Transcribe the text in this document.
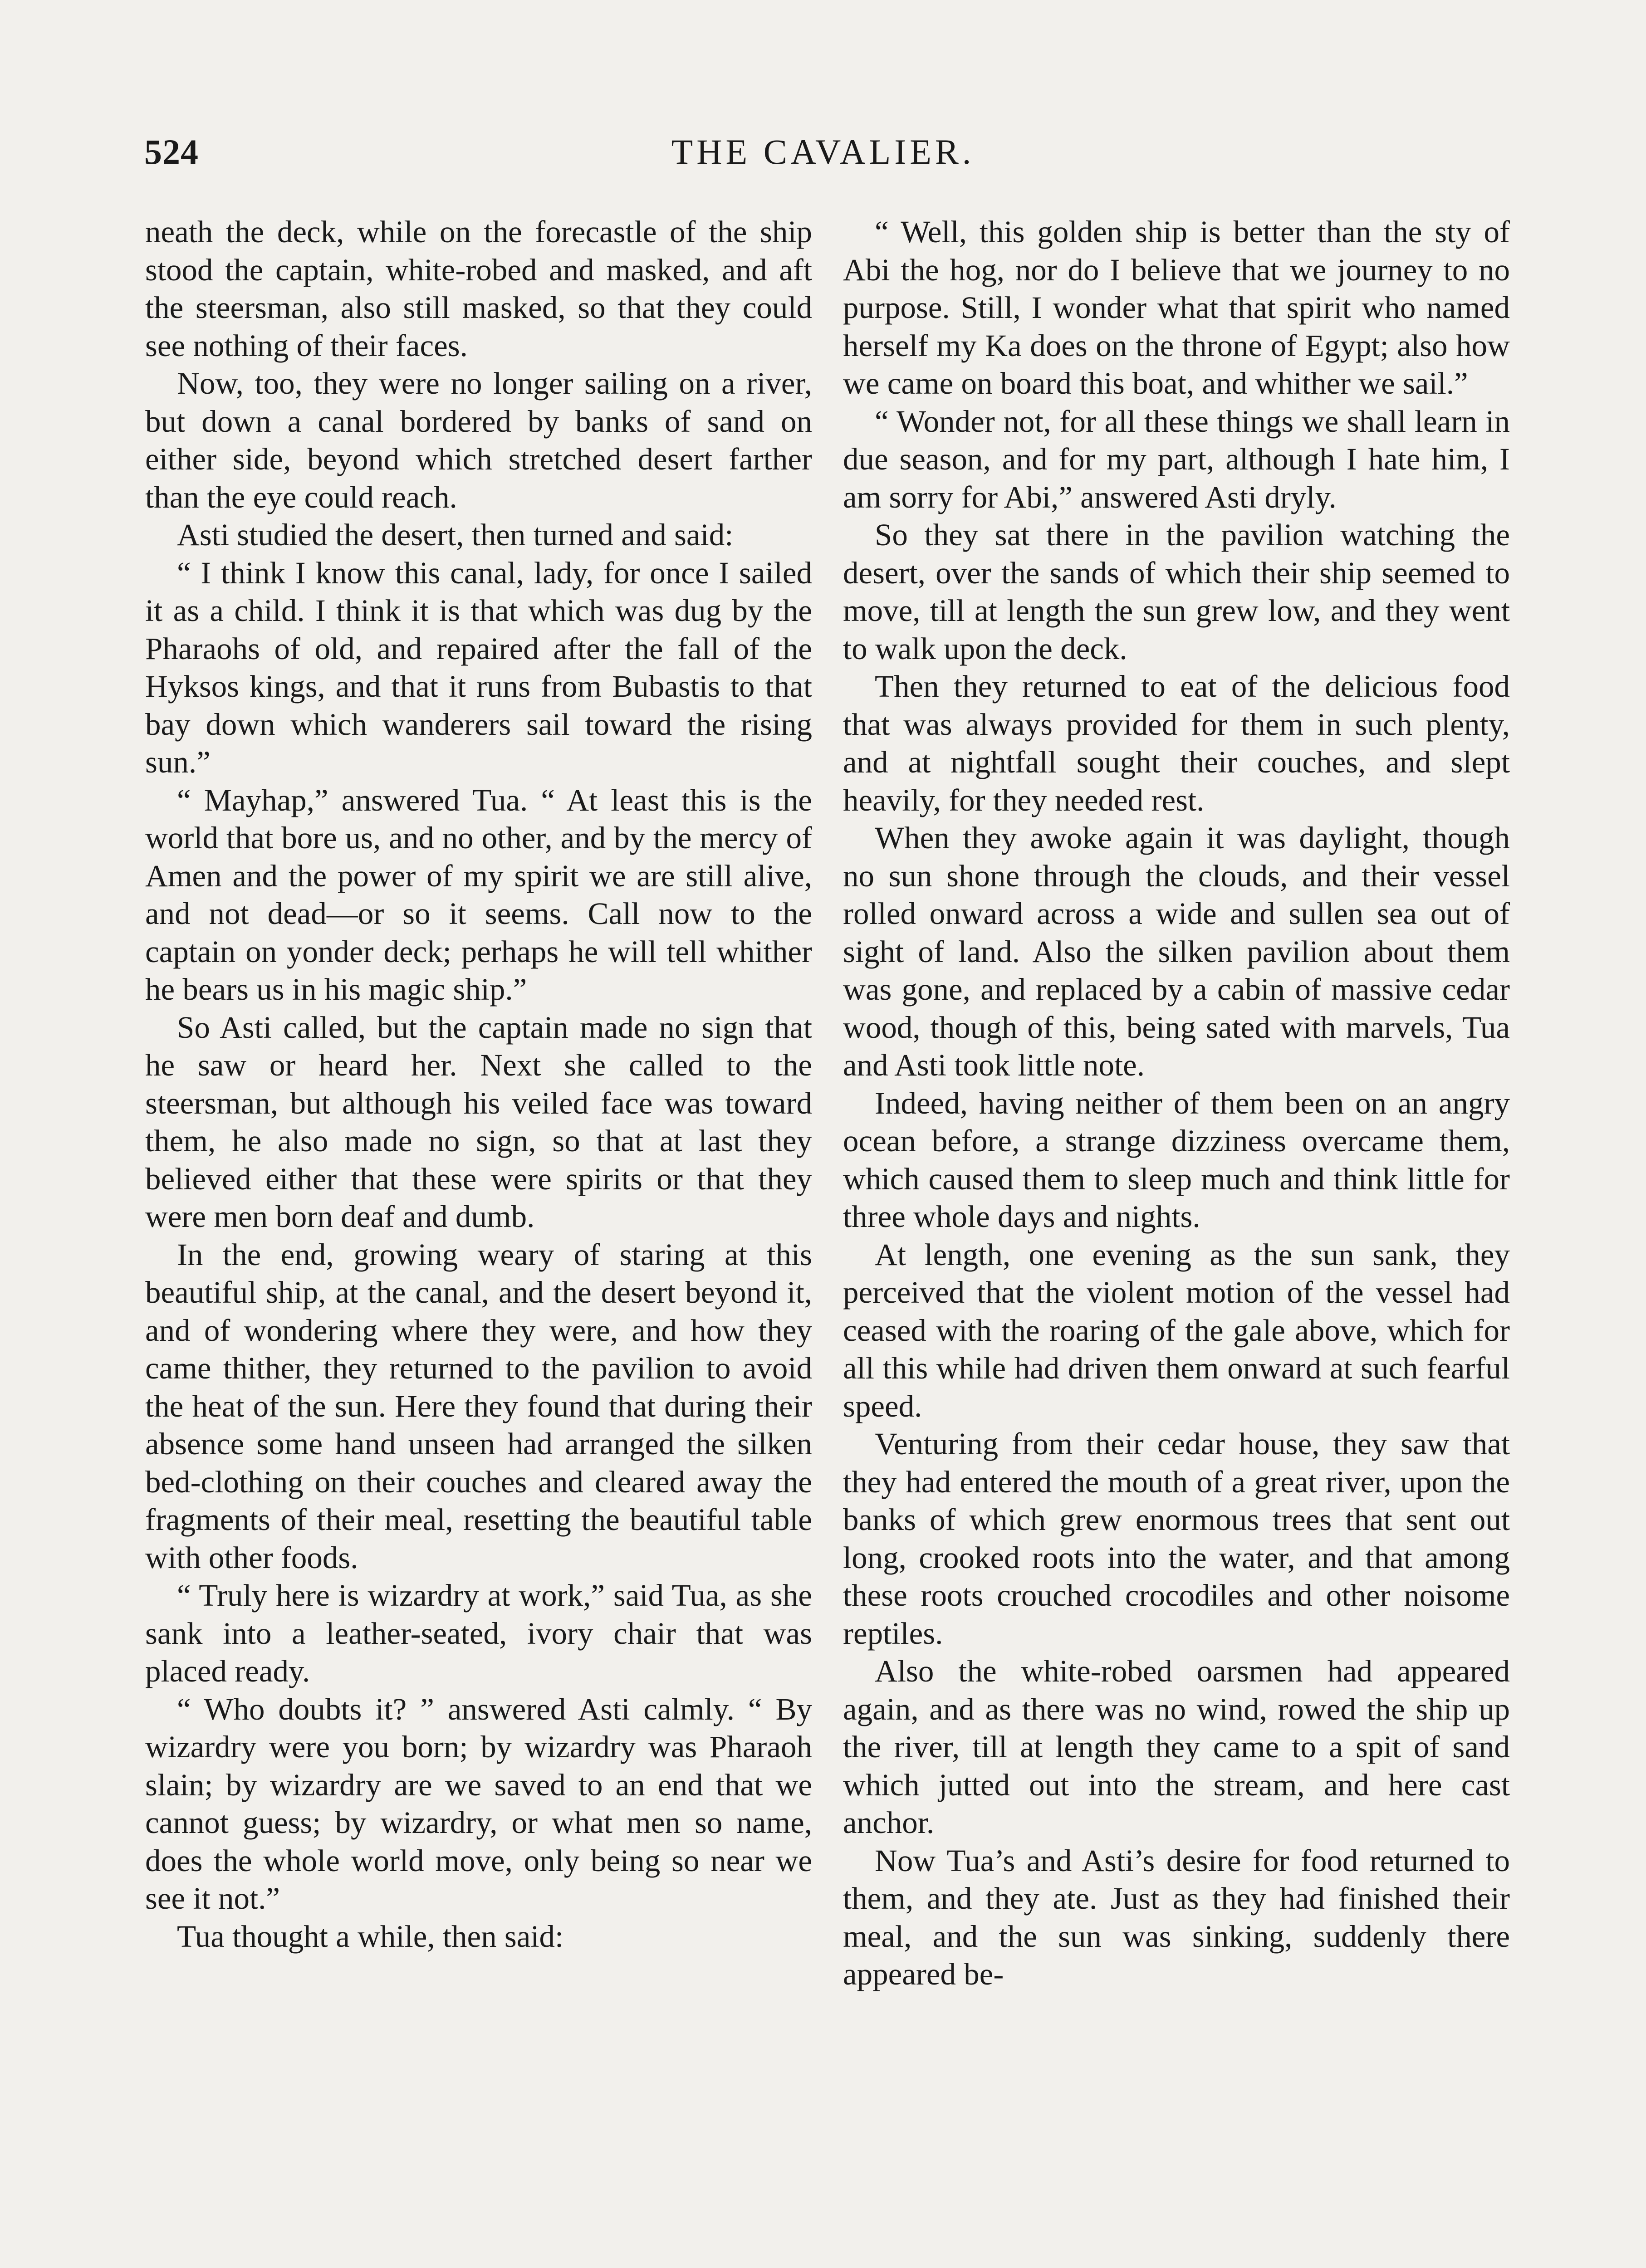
524	THE CAVALIER.

neath the deck, while on the forecastle of the ship stood the captain, white-robed and masked, and aft the steersman, also still masked, so that they could see nothing of their faces.

Now, too, they were no longer sailing on a river, but down a canal bordered by banks of sand on either side, beyond which stretched desert farther than the eye could reach.

Asti studied the desert, then turned and said:

“ I think I know this canal, lady, for once I sailed it as a child. I think it is that which was dug by the Pharaohs of old, and repaired after the fall of the Hyksos kings, and that it runs from Bubastis to that bay down which wanderers sail toward the rising sun.”

“ Mayhap,” answered Tua. “ At least this is the world that bore us, and no other, and by the mercy of Amen and the power of my spirit we are still alive, and not dead—or so it seems. Call now to the captain on yonder deck; perhaps he will tell whither he bears us in his magic ship.”

So Asti called, but the captain made no sign that he saw or heard her. Next she called to the steersman, but although his veiled face was toward them, he also made no sign, so that at last they believed either that these were spirits or that they were men born deaf and dumb.

In the end, growing weary of staring at this beautiful ship, at the canal, and the desert beyond it, and of wondering where they were, and how they came thither, they returned to the pavilion to avoid the heat of the sun. Here they found that during their absence some hand unseen had arranged the silken bed-clothing on their couches and cleared away the fragments of their meal, resetting the beautiful table with other foods.

“ Truly here is wizardry at work,” said Tua, as she sank into a leather-seated, ivory chair that was placed ready.

“ Who doubts it? ” answered Asti calmly. “ By wizardry were you born; by wizardry was Pharaoh slain; by wizardry are we saved to an end that we cannot guess; by wizardry, or what men so name, does the whole world move, only being so near we see it not.”

Tua thought a while, then said:

“ Well, this golden ship is better than the sty of Abi the hog, nor do I believe that we journey to no purpose. Still, I wonder what that spirit who named herself my Ka does on the throne of Egypt; also how we came on board this boat, and whither we sail.”

“ Wonder not, for all these things we shall learn in due season, and for my part, although I hate him, I am sorry for Abi,” answered Asti dryly.

So they sat there in the pavilion watching the desert, over the sands of which their ship seemed to move, till at length the sun grew low, and they went to walk upon the deck.

Then they returned to eat of the delicious food that was always provided for them in such plenty, and at nightfall sought their couches, and slept heavily, for they needed rest.

When they awoke again it was daylight, though no sun shone through the clouds, and their vessel rolled onward across a wide and sullen sea out of sight of land. Also the silken pavilion about them was gone, and replaced by a cabin of massive cedar wood, though of this, being sated with marvels, Tua and Asti took little note.

Indeed, having neither of them been on an angry ocean before, a strange dizziness overcame them, which caused them to sleep much and think little for three whole days and nights.

At length, one evening as the sun sank, they perceived that the violent motion of the vessel had ceased with the roaring of the gale above, which for all this while had driven them onward at such fearful speed.

Venturing from their cedar house, they saw that they had entered the mouth of a great river, upon the banks of which grew enormous trees that sent out long, crooked roots into the water, and that among these roots crouched crocodiles and other noisome reptiles.

Also the white-robed oarsmen had appeared again, and as there was no wind, rowed the ship up the river, till at length they came to a spit of sand which jutted out into the stream, and here cast anchor.

Now Tua’s and Asti’s desire for food returned to them, and they ate. Just as they had finished their meal, and the sun was sinking, suddenly there appeared be-
